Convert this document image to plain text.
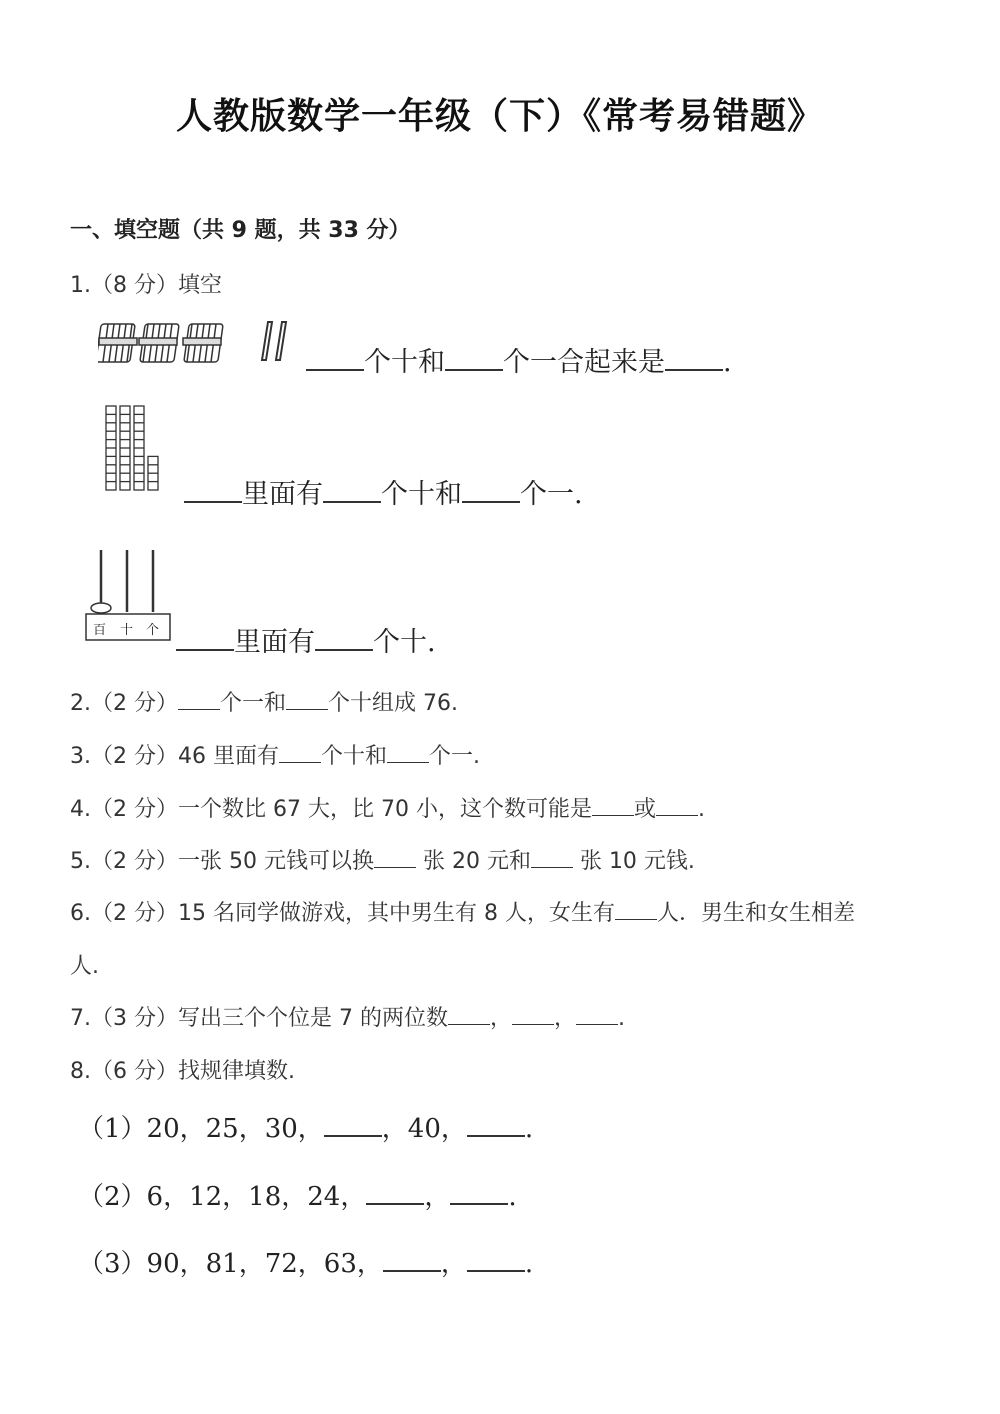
人教版数学一年级（下）《常考易错题》
一、填空题（共 9 题，共 33 分）
1.（8 分）填空
个十和 个一合起来是 .
里面有 个十和 个一.
百 十 个	里面有 个十.
2.（2 分） 个一和 个十组成 76.
3.（2 分）46 里面有 个十和 个一.
4.（2 分）一个数比 67 大，比 70 小，这个数可能是 或 .
5.（2 分）一张 50 元钱可以换 张 20 元和 张 10 元钱.
6.（2 分）15 名同学做游戏，其中男生有 8 人，女生有 人．男生和女生相差
人.
7.（3 分）写出三个个位是 7 的两位数 ， ， .
8.（6 分）找规律填数.
（1）20，25，30， ，40， .
（2）6，12，18，24， ， .
（3）90，81，72，63， ， .
